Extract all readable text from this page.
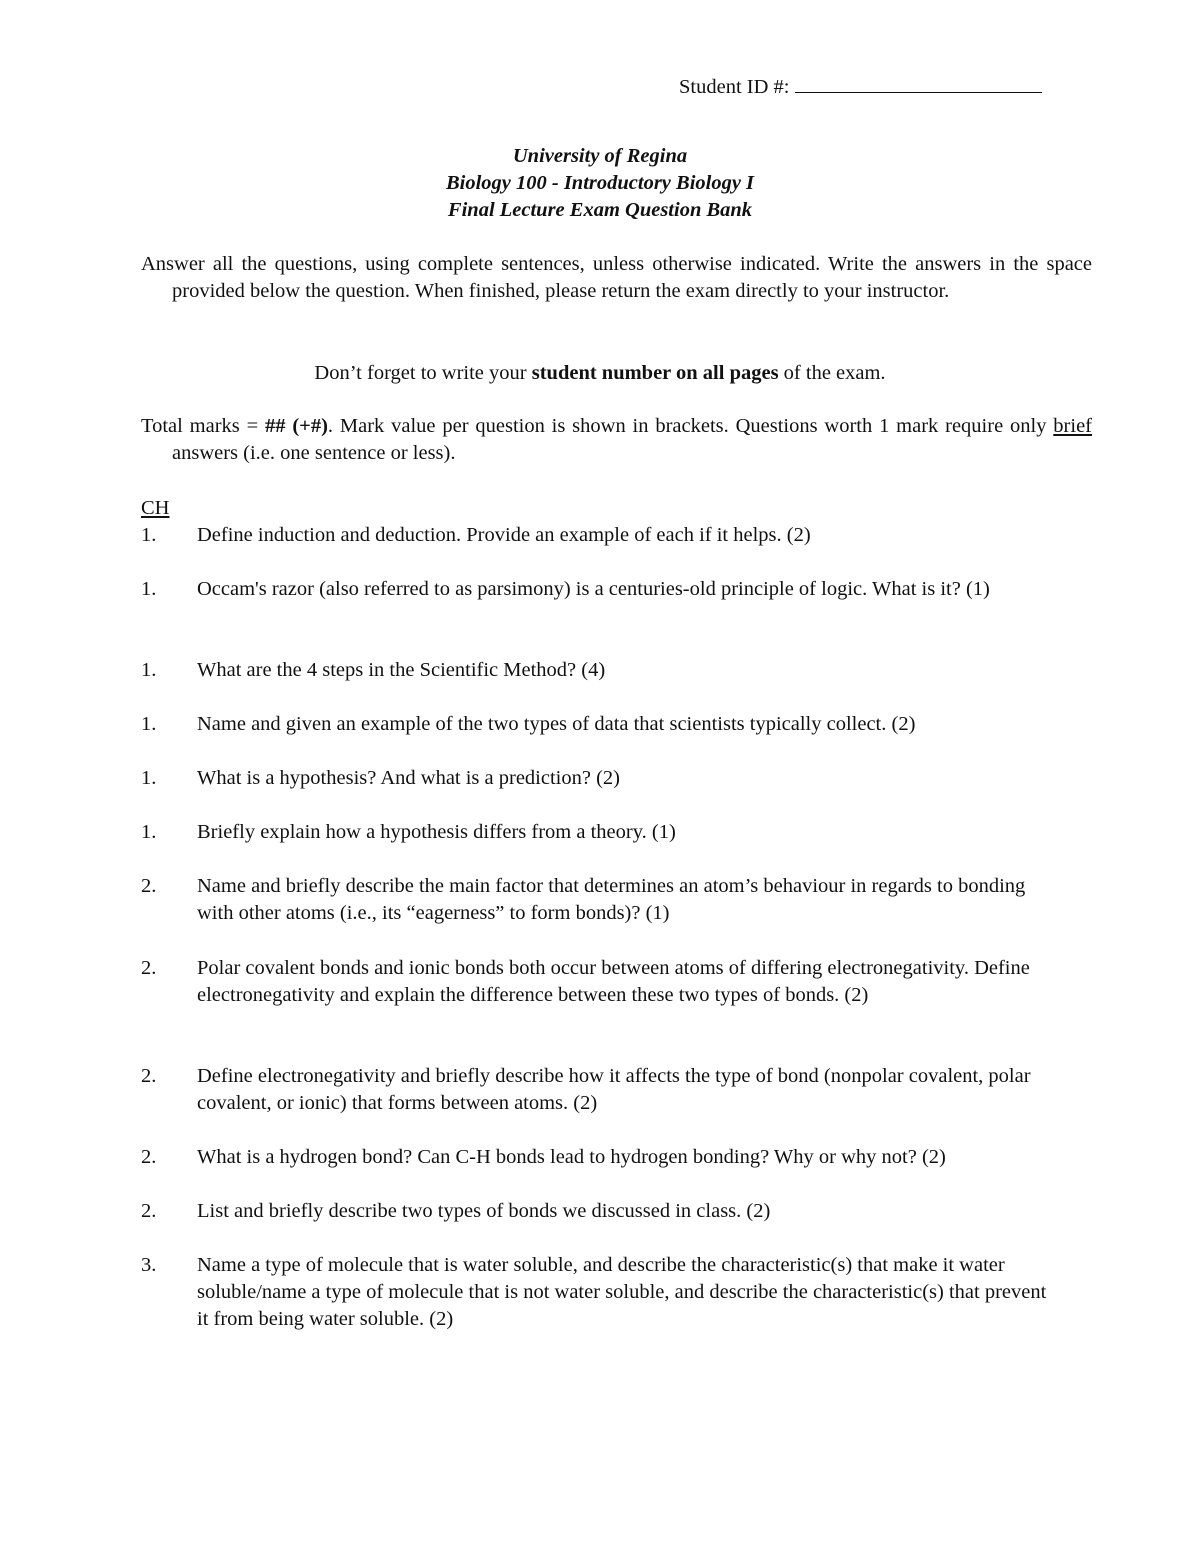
Student ID #:
University of Regina
Biology 100 - Introductory Biology I
Final Lecture Exam Question Bank
Answer all the questions, using complete sentences, unless otherwise indicated. Write the answers in the space provided below the question. When finished, please return the exam directly to your instructor.
Don’t forget to write your student number on all pages of the exam.
Total marks = ## (+#). Mark value per question is shown in brackets. Questions worth 1 mark require only brief answers (i.e. one sentence or less).
CH
1.	Define induction and deduction. Provide an example of each if it helps. (2)
1.	Occam's razor (also referred to as parsimony) is a centuries-old principle of logic. What is it? (1)
1.	What are the 4 steps in the Scientific Method? (4)
1.	Name and given an example of the two types of data that scientists typically collect. (2)
1.	What is a hypothesis? And what is a prediction? (2)
1.	Briefly explain how a hypothesis differs from a theory. (1)
2.	Name and briefly describe the main factor that determines an atom’s behaviour in regards to bonding with other atoms (i.e., its “eagerness” to form bonds)? (1)
2.	Polar covalent bonds and ionic bonds both occur between atoms of differing electronegativity. Define electronegativity and explain the difference between these two types of bonds. (2)
2.	Define electronegativity and briefly describe how it affects the type of bond (nonpolar covalent, polar covalent, or ionic) that forms between atoms. (2)
2.	What is a hydrogen bond? Can C-H bonds lead to hydrogen bonding? Why or why not? (2)
2.	List and briefly describe two types of bonds we discussed in class. (2)
3.	Name a type of molecule that is water soluble, and describe the characteristic(s) that make it water soluble/name a type of molecule that is not water soluble, and describe the characteristic(s) that prevent it from being water soluble. (2)
